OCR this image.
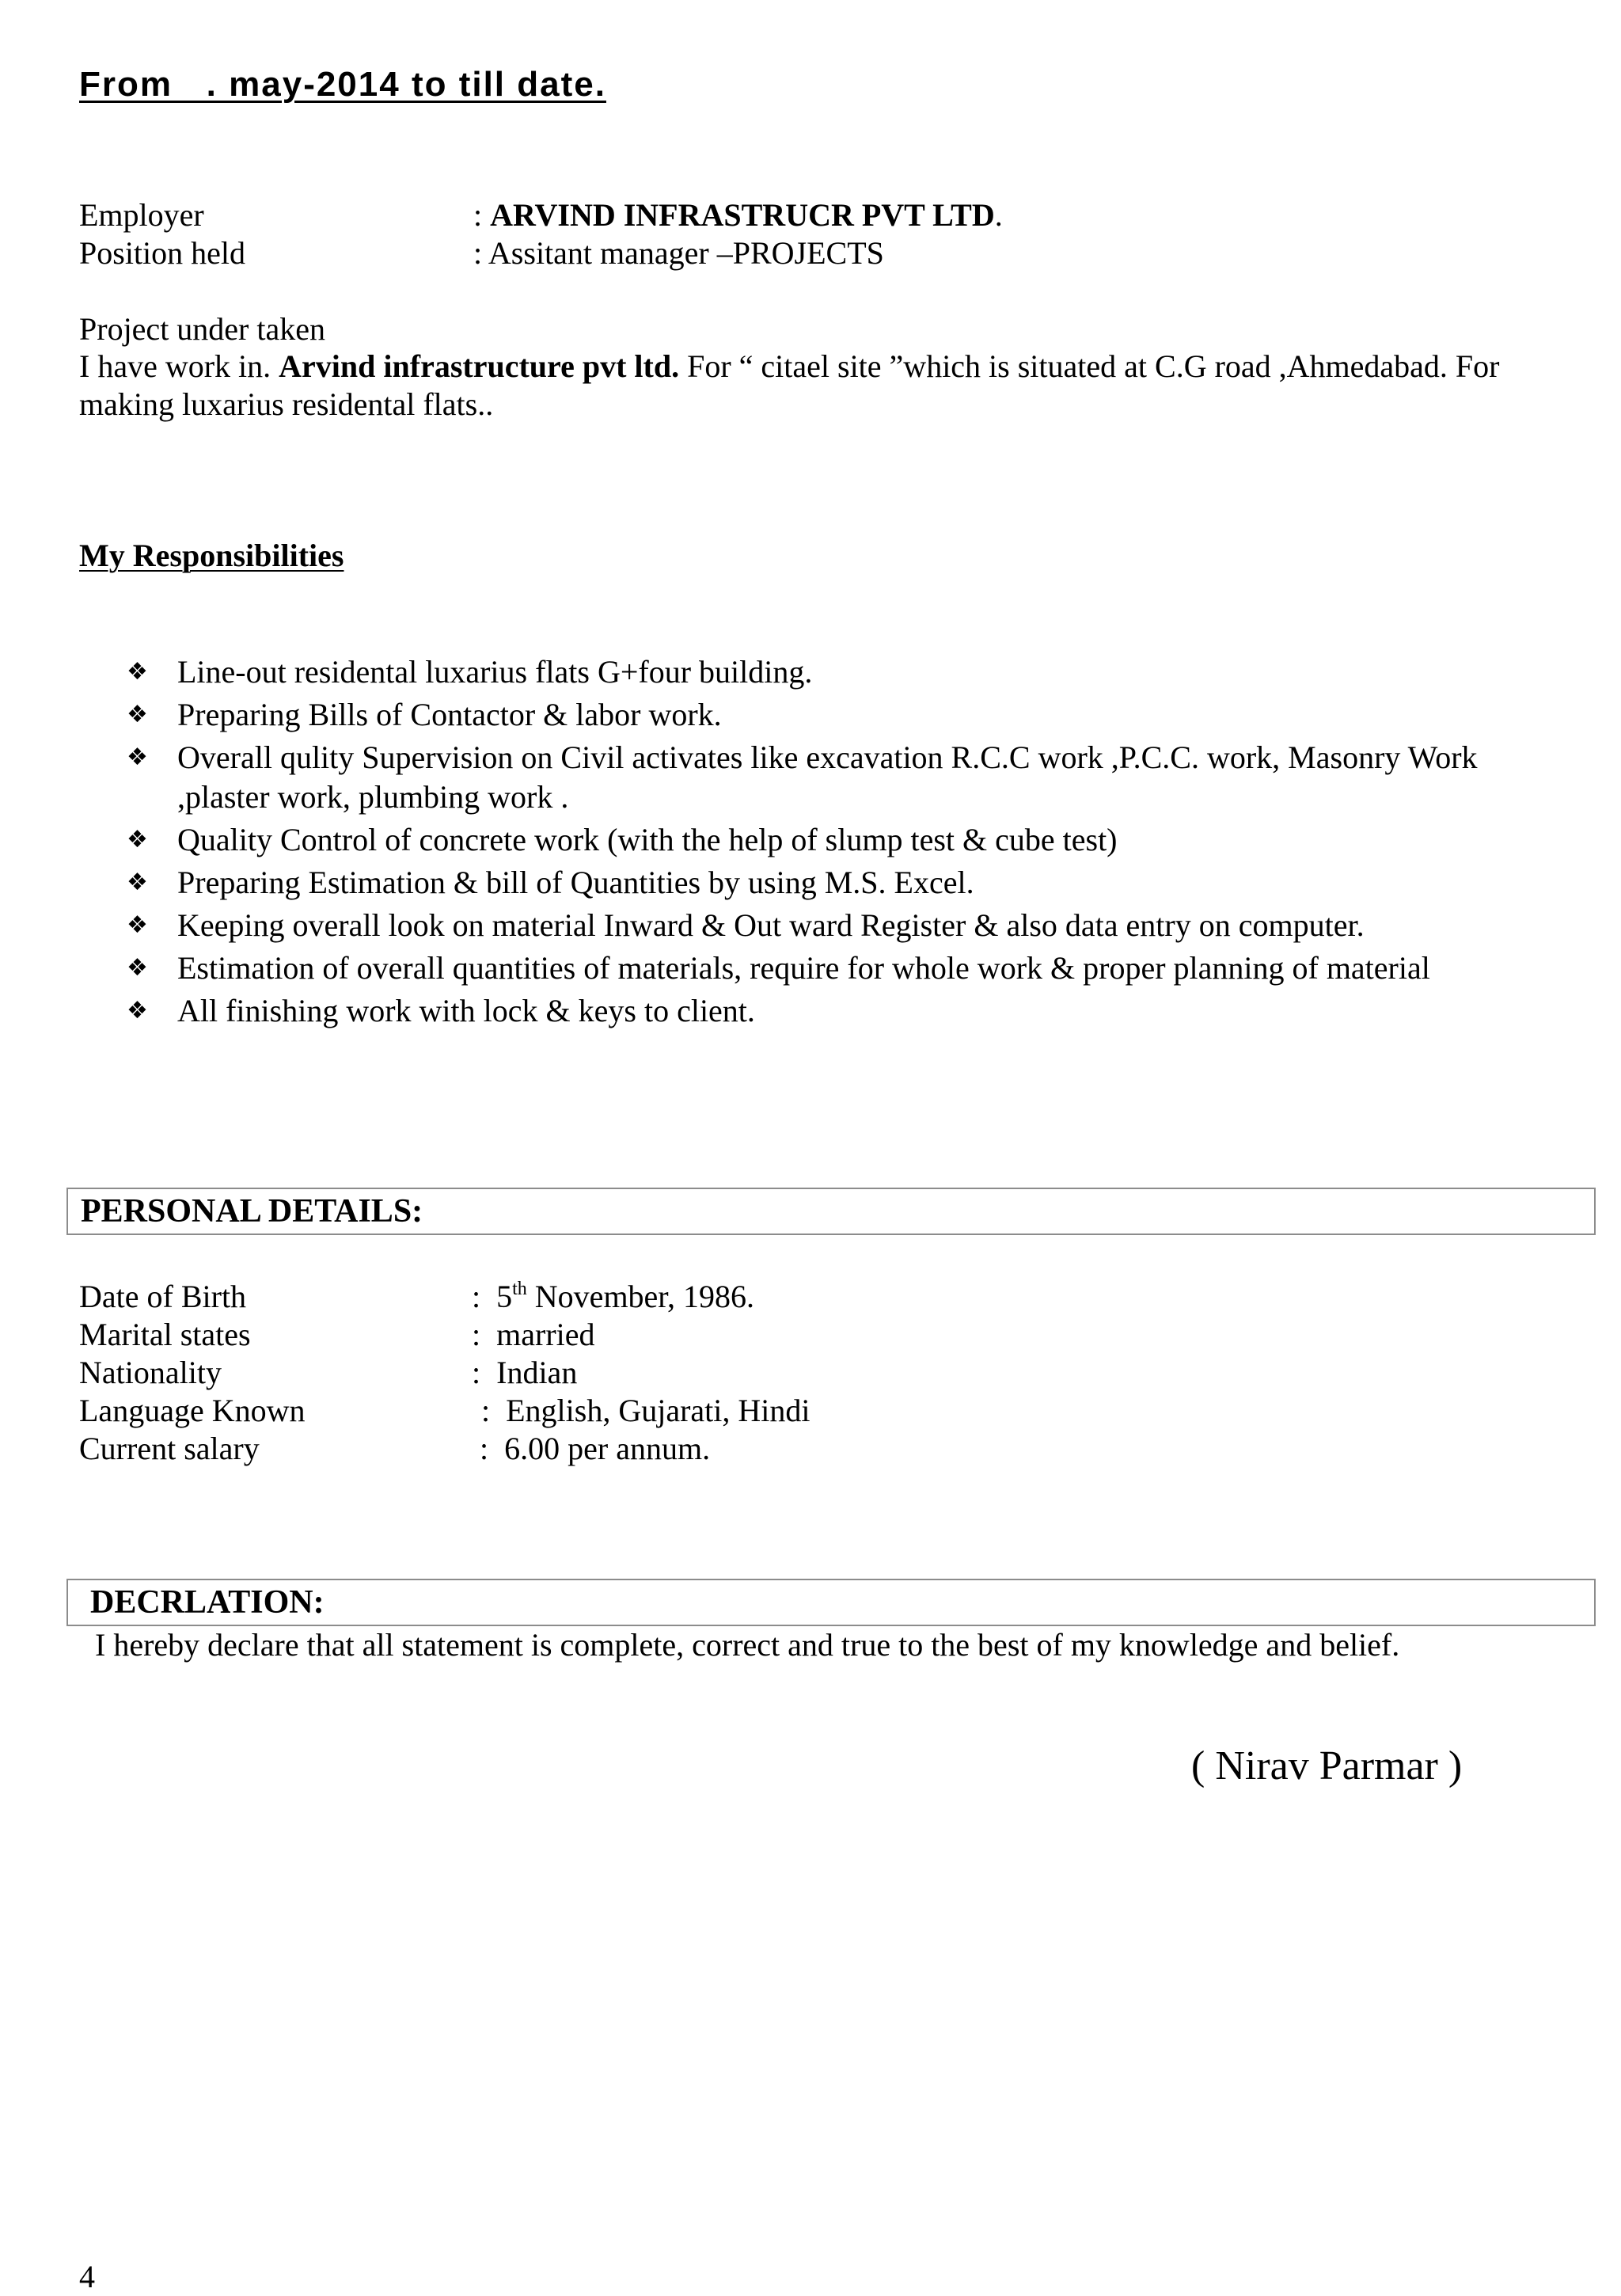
From   . may-2014 to till date.

Employer

	: ARVIND INFRASTRUCR PVT LTD.

Position held

	: Assitant manager –PROJECTS

Project under taken
I have work in. Arvind infrastructure pvt ltd. For “ citael site ”which is situated at C.G road ,Ahmedabad. For making luxarius residental flats..
My Responsibilities
❖ Line-out residental luxarius flats G+four building.
❖ Preparing Bills of Contactor & labor work.
❖ Overall qulity Supervision on Civil activates like excavation R.C.C work ,P.C.C. work, Masonry Work ,plaster work, plumbing work .
❖ Quality Control of concrete work (with the help of slump test & cube test)
❖ Preparing Estimation & bill of Quantities by using M.S. Excel.
❖ Keeping overall look on material Inward & Out ward Register & also data entry on computer.
❖ Estimation of overall quantities of materials, require for whole work & proper planning of material
❖ All finishing work with lock & keys to client.
PERSONAL DETAILS:

Date of Birth

	: 5th November, 1986.

Marital states

	: married

Nationality

	: Indian

Language Known

	: English, Gujarati, Hindi

Current salary

	: 6.00 per annum.

DECRLATION:
I hereby declare that all statement is complete, correct and true to the best of my knowledge and belief.
( Nirav Parmar )
4
